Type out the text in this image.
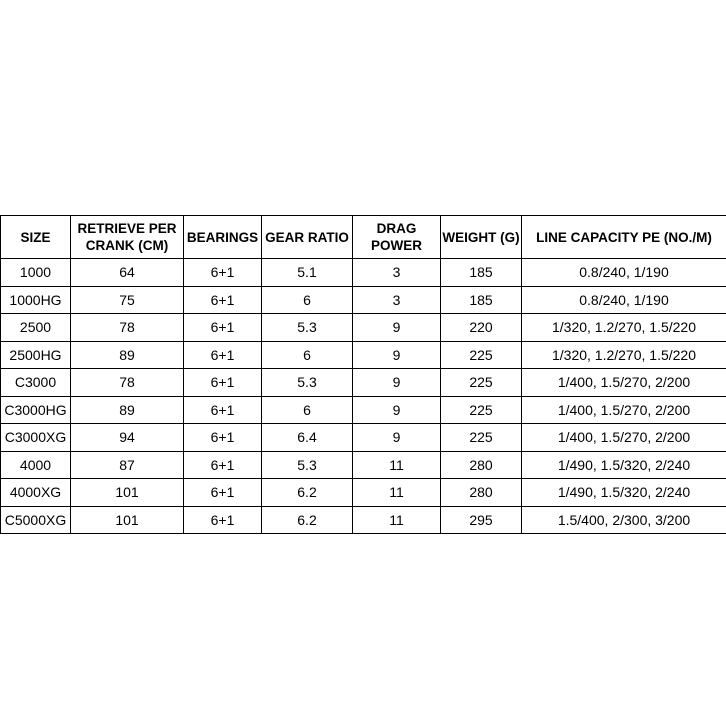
SIZE	RETRIEVE PER CRANK (CM)	BEARINGS	GEAR RATIO	DRAG POWER	WEIGHT (G)	LINE CAPACITY PE (NO./M)
1000	64	6+1	5.1	3	185	0.8/240, 1/190
1000HG	75	6+1	6	3	185	0.8/240, 1/190
2500	78	6+1	5.3	9	220	1/320, 1.2/270, 1.5/220
2500HG	89	6+1	6	9	225	1/320, 1.2/270, 1.5/220
C3000	78	6+1	5.3	9	225	1/400, 1.5/270, 2/200
C3000HG	89	6+1	6	9	225	1/400, 1.5/270, 2/200
C3000XG	94	6+1	6.4	9	225	1/400, 1.5/270, 2/200
4000	87	6+1	5.3	11	280	1/490, 1.5/320, 2/240
4000XG	101	6+1	6.2	11	280	1/490, 1.5/320, 2/240
C5000XG	101	6+1	6.2	11	295	1.5/400, 2/300, 3/200
